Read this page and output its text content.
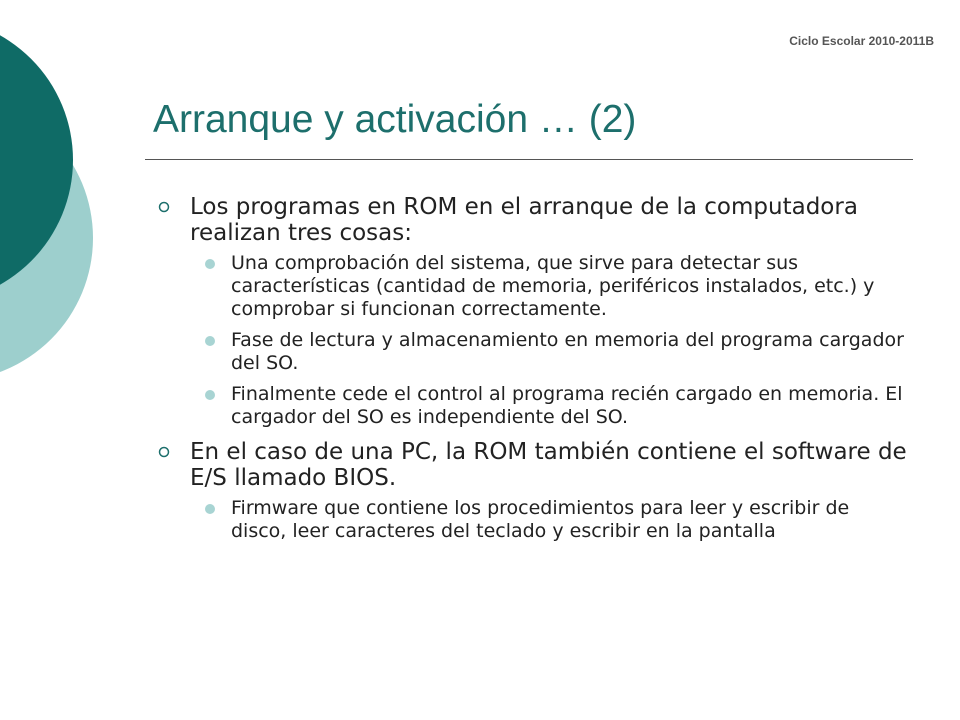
Ciclo Escolar 2010-2011B
Arranque y activación … (2)
Los programas en ROM en el arranque de la computadora realizan tres cosas:
Una comprobación del sistema, que sirve para detectar sus características (cantidad de memoria, periféricos instalados, etc.) y comprobar si funcionan correctamente.
Fase de lectura y almacenamiento en memoria del programa cargador del SO.
Finalmente cede el control al programa recién cargado en memoria. El cargador del SO es independiente del SO.
En el caso de una PC, la ROM también contiene el software de E/S llamado BIOS.
Firmware que contiene los procedimientos para leer y escribir de disco, leer caracteres del teclado y escribir en la pantalla
